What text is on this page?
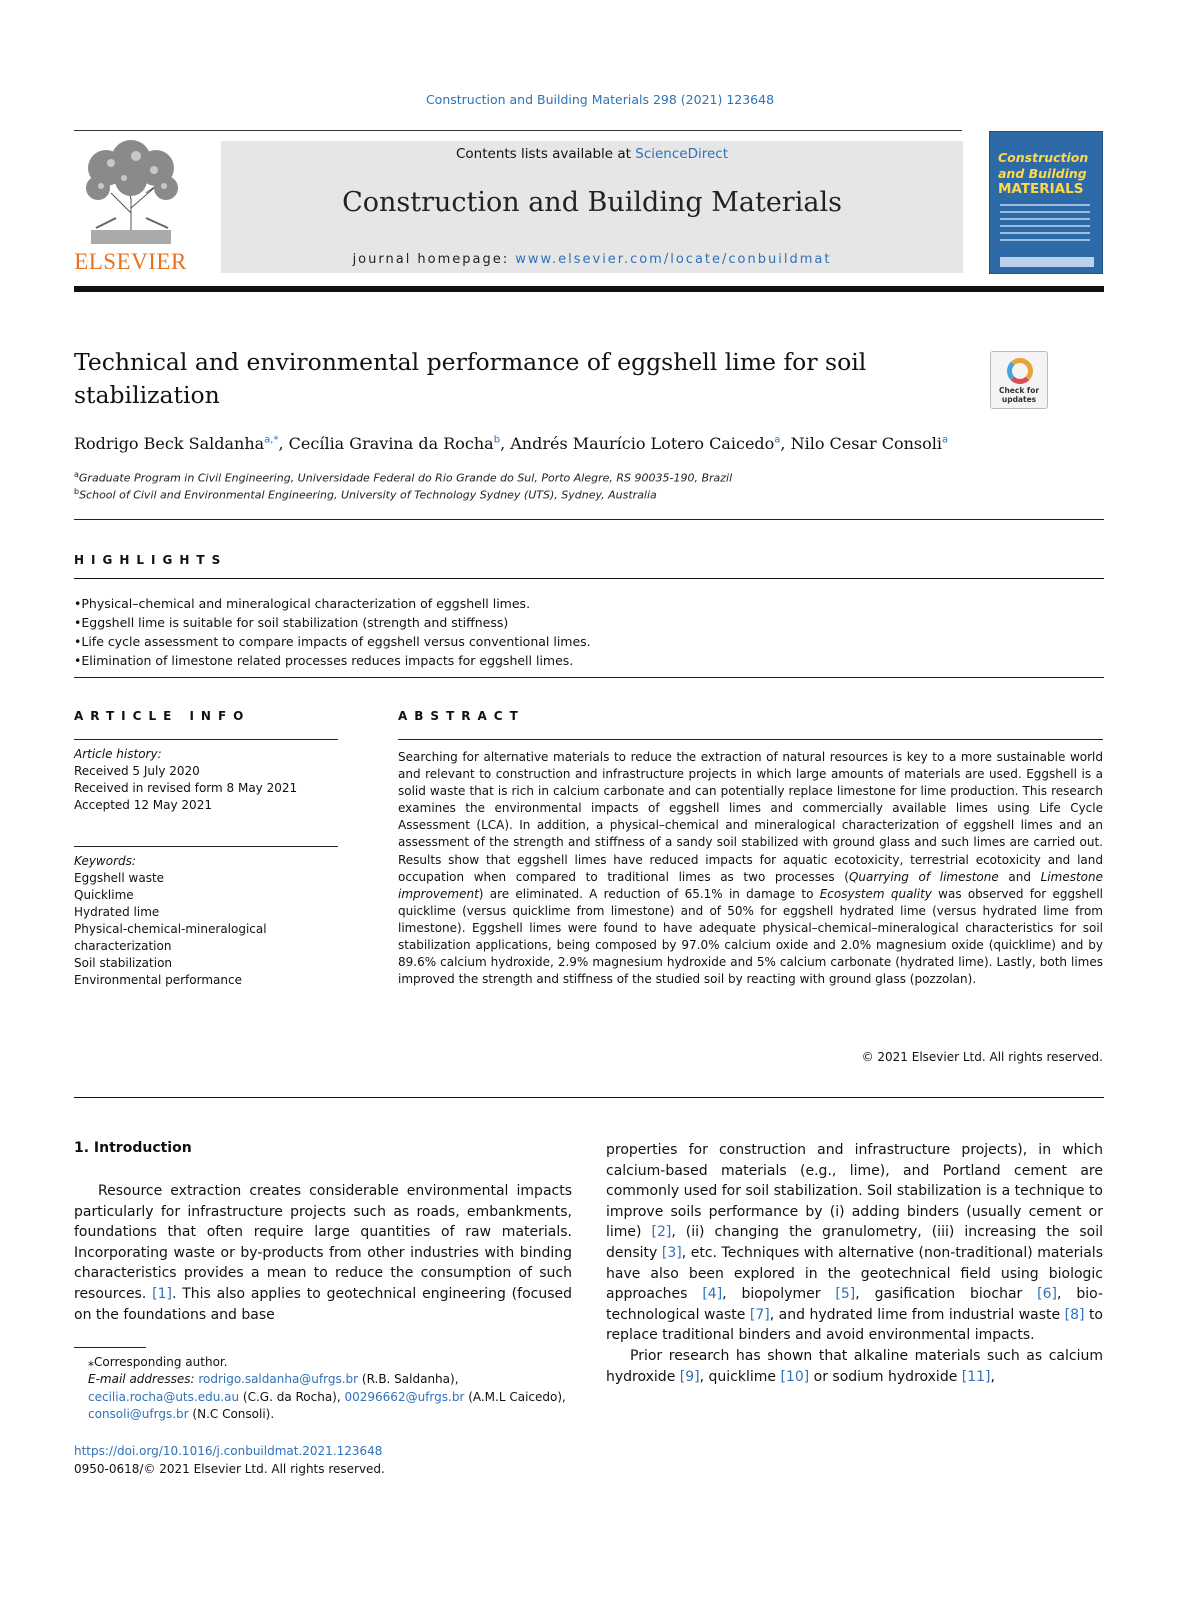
Construction and Building Materials 298 (2021) 123648
ELSEVIER
Contents lists available at ScienceDirect
Construction and Building Materials
journal homepage: www.elsevier.com/locate/conbuildmat
Construction
and Building
MATERIALS
Technical and environmental performance of eggshell lime for soil stabilization	Check for updates
Rodrigo Beck Saldanha$^{a,*}$, Cecília Gravina da Rocha$^b$, Andrés Maurício Lotero Caicedo$^a$, Nilo Cesar Consoli$^a$
$^a$Graduate Program in Civil Engineering, Universidade Federal do Rio Grande do Sul, Porto Alegre, RS 90035-190, Brazil
$^b$School of Civil and Environmental Engineering, University of Technology Sydney (UTS), Sydney, Australia
HIGHLIGHTS
• Physical–chemical and mineralogical characterization of eggshell limes.
• Eggshell lime is suitable for soil stabilization (strength and stiffness)
• Life cycle assessment to compare impacts of eggshell versus conventional limes.
• Elimination of limestone related processes reduces impacts for eggshell limes.
ARTICLE INFO
Article history:
Received 5 July 2020
Received in revised form 8 May 2021
Accepted 12 May 2021
Keywords:
Eggshell waste
Quicklime
Hydrated lime
Physical-chemical-mineralogical
characterization
Soil stabilization
Environmental performance
ABSTRACT
Searching for alternative materials to reduce the extraction of natural resources is key to a more sustainable world and relevant to construction and infrastructure projects in which large amounts of materials are used. Eggshell is a solid waste that is rich in calcium carbonate and can potentially replace limestone for lime production. This research examines the environmental impacts of eggshell limes and commercially available limes using Life Cycle Assessment (LCA). In addition, a physical–chemical and mineralogical characterization of eggshell limes and an assessment of the strength and stiffness of a sandy soil stabilized with ground glass and such limes are carried out. Results show that eggshell limes have reduced impacts for aquatic ecotoxicity, terrestrial ecotoxicity and land occupation when compared to traditional limes as two processes (Quarrying of limestone and Limestone improvement) are eliminated. A reduction of 65.1% in damage to Ecosystem quality was observed for eggshell quicklime (versus quicklime from limestone) and of 50% for eggshell hydrated lime (versus hydrated lime from limestone). Eggshell limes were found to have adequate physical–chemical–mineralogical characteristics for soil stabilization applications, being composed by 97.0% calcium oxide and 2.0% magnesium oxide (quicklime) and by 89.6% calcium hydroxide, 2.9% magnesium hydroxide and 5% calcium carbonate (hydrated lime). Lastly, both limes improved the strength and stiffness of the studied soil by reacting with ground glass (pozzolan).
© 2021 Elsevier Ltd. All rights reserved.
1. Introduction

Resource extraction creates considerable environmental impacts particularly for infrastructure projects such as roads, embankments, foundations that often require large quantities of raw materials. Incorporating waste or by-products from other industries with binding characteristics provides a mean to reduce the consumption of such resources. [1]. This also applies to geotechnical engineering (focused on the foundations and base

properties for construction and infrastructure projects), in which calcium-based materials (e.g., lime), and Portland cement are commonly used for soil stabilization. Soil stabilization is a technique to improve soils performance by (i) adding binders (usually cement or lime) [2], (ii) changing the granulometry, (iii) increasing the soil density [3], etc. Techniques with alternative (non-traditional) materials have also been explored in the geotechnical field using biologic approaches [4], biopolymer [5], gasification biochar [6], bio-technological waste [7], and hydrated lime from industrial waste [8] to replace traditional binders and avoid environmental impacts.

Prior research has shown that alkaline materials such as calcium hydroxide [9], quicklime [10] or sodium hydroxide [11],

⁎ Corresponding author.
E-mail addresses: rodrigo.saldanha@ufrgs.br (R.B. Saldanha), cecilia.rocha@uts.edu.au (C.G. da Rocha), 00296662@ufrgs.br (A.M.L Caicedo), consoli@ufrgs.br (N.C Consoli).
https://doi.org/10.1016/j.conbuildmat.2021.123648
0950-0618/© 2021 Elsevier Ltd. All rights reserved.
